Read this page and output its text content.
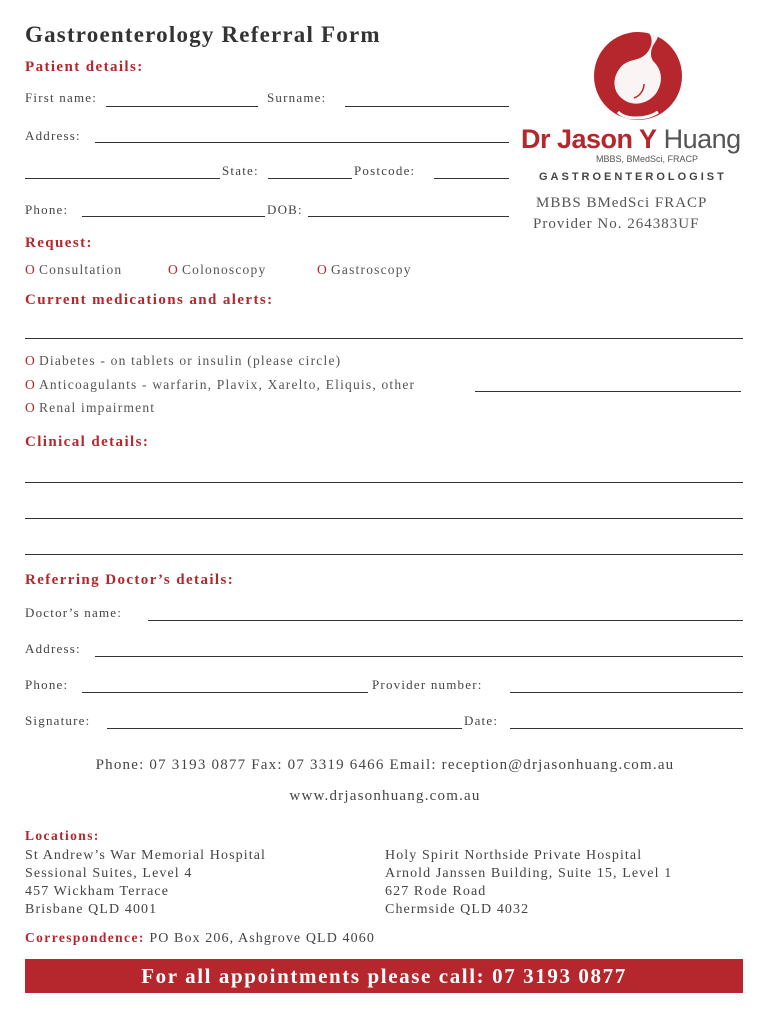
Gastroenterology Referral Form
Dr Jason Y Huang
MBBS, BMedSci, FRACP
GASTROENTEROLOGIST
MBBS BMedSci FRACP
Provider No. 264383UF
Patient details:
First name:	Surname:
Address:
State:	Postcode:
Phone:	DOB:
Request:
O Consultation	O Colonoscopy	O Gastroscopy
Current medications and alerts:
O Diabetes - on tablets or insulin (please circle)
O Anticoagulants - warfarin, Plavix, Xarelto, Eliquis, other
O Renal impairment
Clinical details:
Referring Doctor’s details:
Doctor’s name:
Address:
Phone:	Provider number:
Signature:	Date:
Phone: 07 3193 0877 Fax: 07 3319 6466 Email: reception@drjasonhuang.com.au
www.drjasonhuang.com.au
Locations:
St Andrew’s War Memorial Hospital
Sessional Suites, Level 4
457 Wickham Terrace
Brisbane QLD 4001
Holy Spirit Northside Private Hospital
Arnold Janssen Building, Suite 15, Level 1
627 Rode Road
Chermside QLD 4032
Correspondence: PO Box 206, Ashgrove QLD 4060
For all appointments please call: 07 3193 0877
